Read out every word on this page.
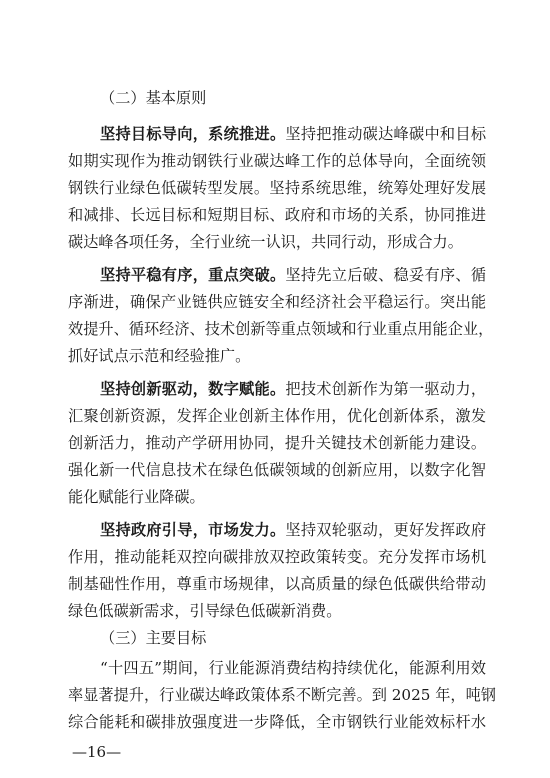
（二）基本原则
坚持目标导向，系统推进。坚持把推动碳达峰碳中和目标
如期实现作为推动钢铁行业碳达峰工作的总体导向，全面统领
钢铁行业绿色低碳转型发展。坚持系统思维，统筹处理好发展
和减排、长远目标和短期目标、政府和市场的关系，协同推进
碳达峰各项任务，全行业统一认识，共同行动，形成合力。
坚持平稳有序，重点突破。坚持先立后破、稳妥有序、循
序渐进，确保产业链供应链安全和经济社会平稳运行。突出能
效提升、循环经济、技术创新等重点领域和行业重点用能企业，
抓好试点示范和经验推广。
坚持创新驱动，数字赋能。把技术创新作为第一驱动力，
汇聚创新资源，发挥企业创新主体作用，优化创新体系，激发
创新活力，推动产学研用协同，提升关键技术创新能力建设。
强化新一代信息技术在绿色低碳领域的创新应用，以数字化智
能化赋能行业降碳。
坚持政府引导，市场发力。坚持双轮驱动，更好发挥政府
作用，推动能耗双控向碳排放双控政策转变。充分发挥市场机
制基础性作用，尊重市场规律，以高质量的绿色低碳供给带动
绿色低碳新需求，引导绿色低碳新消费。
（三）主要目标
“十四五”期间，行业能源消费结构持续优化，能源利用效
率显著提升，行业碳达峰政策体系不断完善。到 2025 年，吨钢
综合能耗和碳排放强度进一步降低，全市钢铁行业能效标杆水
—16—
